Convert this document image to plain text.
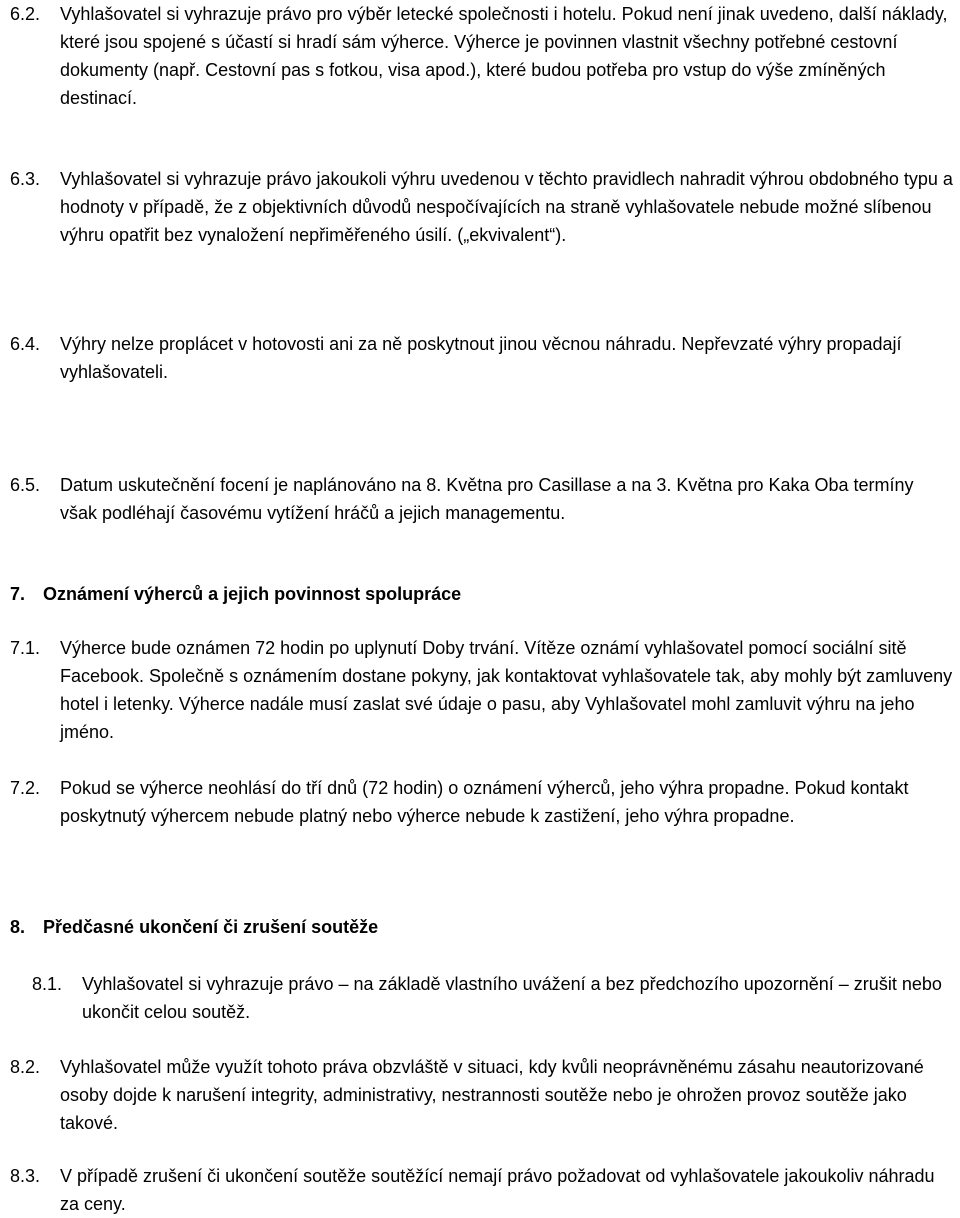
6.2. Vyhlašovatel si vyhrazuje právo pro výběr letecké společnosti i hotelu. Pokud není jinak uvedeno, další náklady, které jsou spojené s účastí si hradí sám výherce. Výherce je povinnen vlastnit všechny potřebné cestovní dokumenty (např. Cestovní pas s fotkou, visa apod.), které budou potřeba pro vstup do výše zmíněných destinací.
6.3. Vyhlašovatel si vyhrazuje právo jakoukoli výhru uvedenou v těchto pravidlech nahradit výhrou obdobného typu a hodnoty v případě, že z objektivních důvodů nespočívajících na straně vyhlašovatele nebude možné slíbenou výhru opatřit bez vynaložení nepřiměřeného úsilí. („ekvivalent“).
6.4. Výhry nelze proplácet v hotovosti ani za ně poskytnout jinou věcnou náhradu. Nepřevzaté výhry propadají vyhlašovateli.
6.5. Datum uskutečnění focení je naplánováno na 8. Května pro Casillase a na 3. Května pro Kaka Oba termíny však podléhají časovému vytížení hráčů a jejich managementu.
7. Oznámení výherců a jejich povinnost spolupráce
7.1. Výherce bude oznámen 72 hodin po uplynutí Doby trvání. Vítěze oznámí vyhlašovatel pomocí sociální sitě Facebook. Společně s oznámením dostane pokyny, jak kontaktovat vyhlašovatele tak, aby mohly být zamluveny hotel i letenky. Výherce nadále musí zaslat své údaje o pasu, aby Vyhlašovatel mohl zamluvit výhru na jeho jméno.
7.2. Pokud se výherce neohlásí do tří dnů (72 hodin) o oznámení výherců, jeho výhra propadne. Pokud kontakt poskytnutý výhercem nebude platný nebo výherce nebude k zastižení, jeho výhra propadne.
8. Předčasné ukončení či zrušení soutěže
8.1. Vyhlašovatel si vyhrazuje právo – na základě vlastního uvážení a bez předchozího upozornění – zrušit nebo ukončit celou soutěž.
8.2. Vyhlašovatel může využít tohoto práva obzvláště v situaci, kdy kvůli neoprávněnému zásahu neautorizované osoby dojde k narušení integrity, administrativy, nestrannosti soutěže nebo je ohrožen provoz soutěže jako takové.
8.3. V případě zrušení či ukončení soutěže soutěžící nemají právo požadovat od vyhlašovatele jakoukoliv náhradu za ceny.
